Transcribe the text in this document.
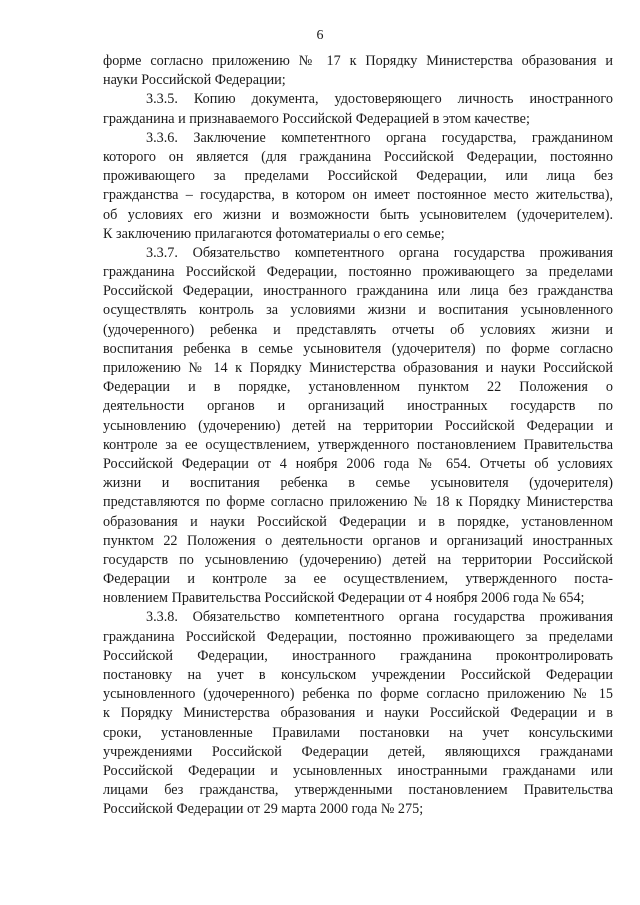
6
форме согласно приложению № 17 к Порядку Министерства образования и
науки Российской Федерации;
3.3.5. Копию документа, удостоверяющего личность иностранного
гражданина и признаваемого Российской Федерацией в этом качестве;
3.3.6. Заключение компетентного органа государства, гражданином
которого он является (для гражданина Российской Федерации, постоянно
проживающего за пределами Российской Федерации, или лица без
гражданства – государства, в котором он имеет постоянное место жительства),
об условиях его жизни и возможности быть усыновителем (удочерителем).
К заключению прилагаются фотоматериалы о его семье;
3.3.7. Обязательство компетентного органа государства проживания
гражданина Российской Федерации, постоянно проживающего за пределами
Российской Федерации, иностранного гражданина или лица без гражданства
осуществлять контроль за условиями жизни и воспитания усыновленного
(удочеренного) ребенка и представлять отчеты об условиях жизни и
воспитания ребенка в семье усыновителя (удочерителя) по форме согласно
приложению № 14 к Порядку Министерства образования и науки Российской
Федерации и в порядке, установленном пунктом 22 Положения о
деятельности органов и организаций иностранных государств по
усыновлению (удочерению) детей на территории Российской Федерации и
контроле за ее осуществлением, утвержденного постановлением Правительства
Российской Федерации от 4 ноября 2006 года № 654. Отчеты об условиях
жизни и воспитания ребенка в семье усыновителя (удочерителя)
представляются по форме согласно приложению № 18 к Порядку Министерства
образования и науки Российской Федерации и в порядке, установленном
пунктом 22 Положения о деятельности органов и организаций иностранных
государств по усыновлению (удочерению) детей на территории Российской
Федерации и контроле за ее осуществлением, утвержденного поста-
новлением Правительства Российской Федерации от 4 ноября 2006 года № 654;
3.3.8. Обязательство компетентного органа государства проживания
гражданина Российской Федерации, постоянно проживающего за пределами
Российской Федерации, иностранного гражданина проконтролировать
постановку на учет в консульском учреждении Российской Федерации
усыновленного (удочеренного) ребенка по форме согласно приложению № 15
к Порядку Министерства образования и науки Российской Федерации и в
сроки, установленные Правилами постановки на учет консульскими
учреждениями Российской Федерации детей, являющихся гражданами
Российской Федерации и усыновленных иностранными гражданами или
лицами без гражданства, утвержденными постановлением Правительства
Российской Федерации от 29 марта 2000 года № 275;
